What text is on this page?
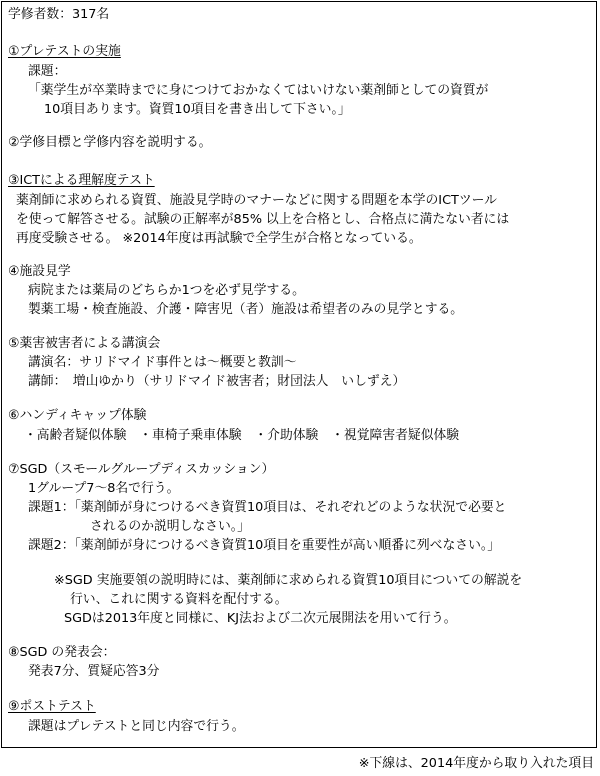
学修者数：317名
①プレテストの実施
課題：
「薬学生が卒業時までに身につけておかなくてはいけない薬剤師としての資質が
10項目あります。資質10項目を書き出して下さい。」
②学修目標と学修内容を説明する。
③ICTによる理解度テスト
薬剤師に求められる資質、施設見学時のマナーなどに関する問題を本学のICTツール
を使って解答させる。試験の正解率が85% 以上を合格とし、合格点に満たない者には
再度受験させる。 ※2014年度は再試験で全学生が合格となっている。
④施設見学
病院または薬局のどちらか1つを必ず見学する。
製薬工場・検査施設、介護・障害児（者）施設は希望者のみの見学とする。
⑤薬害被害者による講演会
講演名：サリドマイド事件とは～概要と教訓～
講師：　増山ゆかり（サリドマイド被害者；財団法人　いしずえ）
⑥ハンディキャップ体験
・高齢者疑似体験　・車椅子乗車体験　・介助体験　・視覚障害者疑似体験
⑦SGD（スモールグループディスカッション）
1グループ7～8名で行う。
課題1：「薬剤師が身につけるべき資質10項目は、それぞれどのような状況で必要と
されるのか説明しなさい。」
課題2：「薬剤師が身につけるべき資質10項目を重要性が高い順番に列べなさい。」
※SGD 実施要領の説明時には、薬剤師に求められる資質10項目についての解説を
行い、これに関する資料を配付する。
SGDは2013年度と同様に、KJ法および二次元展開法を用いて行う。
⑧SGD の発表会：
発表7分、質疑応答3分
⑨ポストテスト
課題はプレテストと同じ内容で行う。
※下線は、2014年度から取り入れた項目
